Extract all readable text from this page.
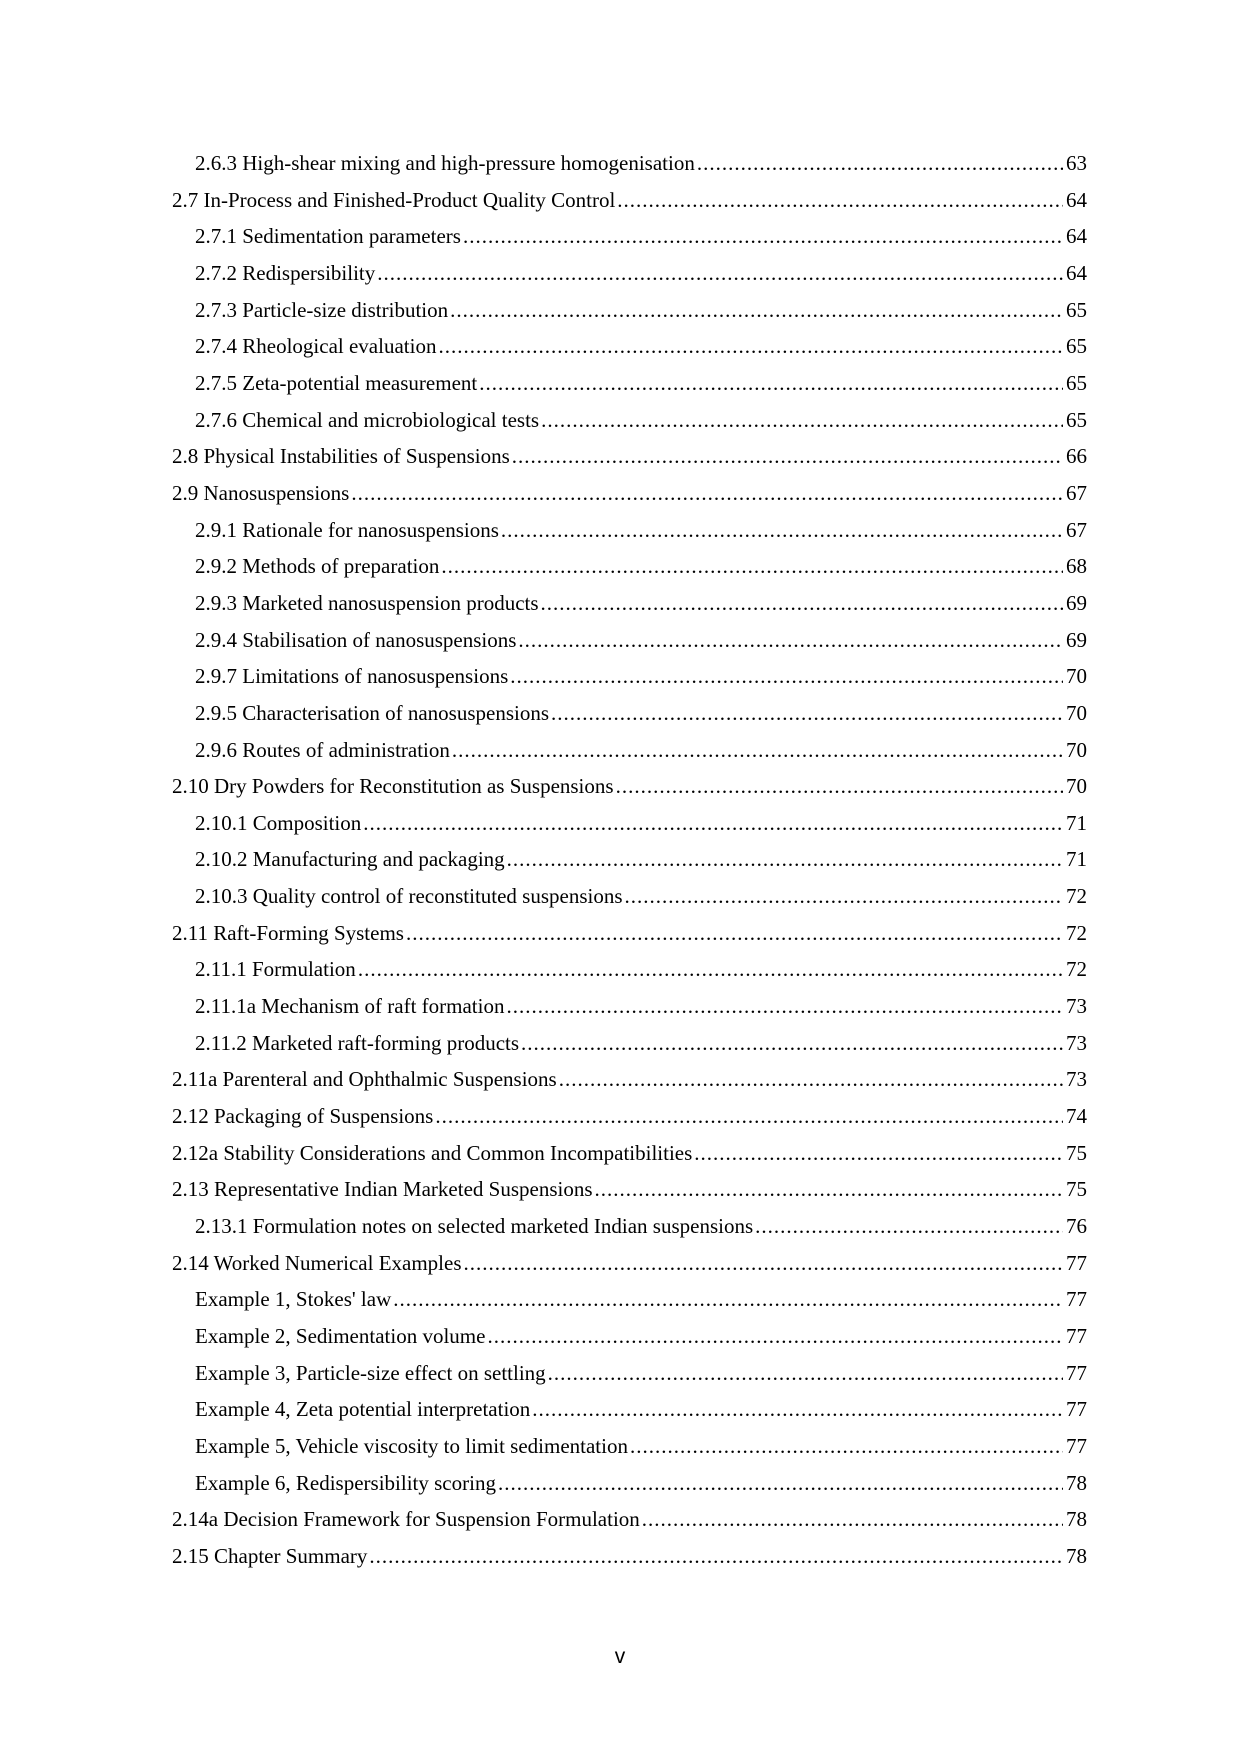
2.6.3 High-shear mixing and high-pressure homogenisation .....	63
2.7 In-Process and Finished-Product Quality Control .....	64
2.7.1 Sedimentation parameters .....	64
2.7.2 Redispersibility .....	64
2.7.3 Particle-size distribution .....	65
2.7.4 Rheological evaluation .....	65
2.7.5 Zeta-potential measurement .....	65
2.7.6 Chemical and microbiological tests .....	65
2.8 Physical Instabilities of Suspensions .....	66
2.9 Nanosuspensions .....	67
2.9.1 Rationale for nanosuspensions .....	67
2.9.2 Methods of preparation .....	68
2.9.3 Marketed nanosuspension products .....	69
2.9.4 Stabilisation of nanosuspensions .....	69
2.9.7 Limitations of nanosuspensions .....	70
2.9.5 Characterisation of nanosuspensions .....	70
2.9.6 Routes of administration .....	70
2.10 Dry Powders for Reconstitution as Suspensions .....	70
2.10.1 Composition .....	71
2.10.2 Manufacturing and packaging .....	71
2.10.3 Quality control of reconstituted suspensions .....	72
2.11 Raft-Forming Systems .....	72
2.11.1 Formulation .....	72
2.11.1a Mechanism of raft formation .....	73
2.11.2 Marketed raft-forming products .....	73
2.11a Parenteral and Ophthalmic Suspensions .....	73
2.12 Packaging of Suspensions .....	74
2.12a Stability Considerations and Common Incompatibilities .....	75
2.13 Representative Indian Marketed Suspensions .....	75
2.13.1 Formulation notes on selected marketed Indian suspensions .....	76
2.14 Worked Numerical Examples .....	77
Example 1, Stokes' law .....	77
Example 2, Sedimentation volume .....	77
Example 3, Particle-size effect on settling .....	77
Example 4, Zeta potential interpretation .....	77
Example 5, Vehicle viscosity to limit sedimentation .....	77
Example 6, Redispersibility scoring .....	78
2.14a Decision Framework for Suspension Formulation .....	78
2.15 Chapter Summary .....	78
v
